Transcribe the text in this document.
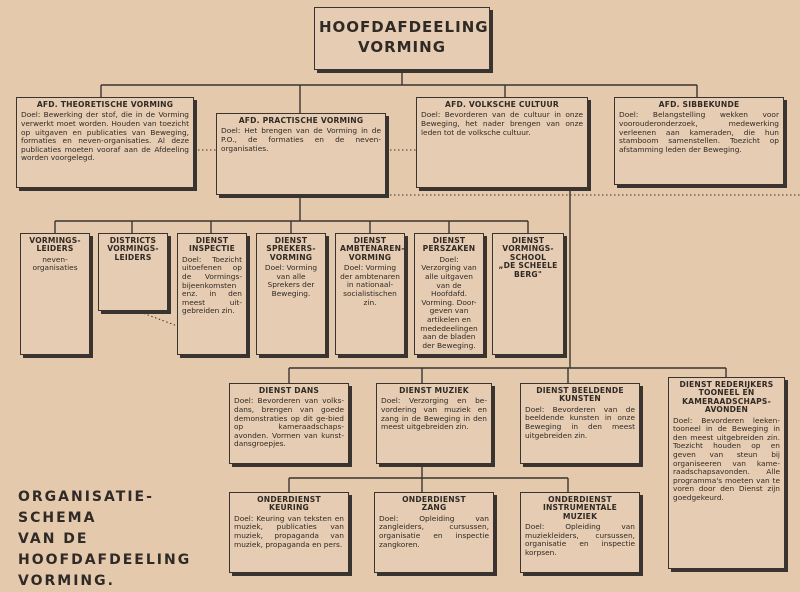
HOOFDAFDEELING
VORMING
AFD. THEORETISCHE VORMING
Doel: Bewerking der stof, die in de Vorming verwerkt moet worden. Houden van toezicht op uitgaven en publicaties van Beweging, formaties en neven-organisaties. Al deze publicaties moeten vooraf aan de Afdeeling worden voorgelegd.
AFD. PRACTISCHE VORMING
Doel: Het brengen van de Vorming in de P.O., de formaties en de neven-organisaties.
AFD. VOLKSCHE CULTUUR
Doel: Bevorderen van de cultuur in onze Beweging, het nader brengen van onze leden tot de volksche cultuur.
AFD. SIBBEKUNDE
Doel: Belangstelling wekken voor voorouderonderzoek, medewerking verleenen aan kameraden, die hun stamboom samenstellen. Toezicht op afstamming leden der Beweging.
VORMINGS-
LEIDERS
neven-
organisaties
DISTRICTS
VORMINGS-
LEIDERS
DIENST
INSPECTIE
Doel: Toezicht uitoefenen op de Vormings-bijeenkomsten enz. in den meest uit-gebreiden zin.
DIENST
SPREKERS-
VORMING
Doel: Vorming van alle Sprekers der Beweging.
DIENST
AMBTENAREN-
VORMING
Doel: Vorming der ambtenaren in nationaal-socialistischen zin.
DIENST
PERSZAKEN
Doel: Verzorging van alle uitgaven van de Hoofdafd. Vorming. Door-geven van artikelen en mededeelingen aan de bladen der Beweging.
DIENST
VORMINGS-
SCHOOL
„DE SCHEELE
BERG"
DIENST DANS
Doel: Bevorderen van volks-dans, brengen van goede demonstraties op dit ge-bied op kameraadschaps-avonden. Vormen van kunst-dansgroepjes.
DIENST MUZIEK
Doel: Verzorging en be-vordering van muziek en zang in de Beweging in den meest uitgebreiden zin.
DIENST BEELDENDE
KUNSTEN
Doel: Bevorderen van de beeldende kunsten in onze Beweging in den meest uitgebreiden zin.
DIENST REDERIJKERS
TOONEEL EN
KAMERAADSCHAPS-
AVONDEN
Doel: Bevorderen leeken-tooneel in de Beweging in den meest uitgebreiden zin. Toezicht houden op en geven van steun bij organiseeren van kame-raadschapsavonden. Alle programma's moeten van te voren door den Dienst zijn goedgekeurd.
ONDERDIENST
KEURING
Doel: Keuring van teksten en muziek, publicaties van muziek, propaganda van muziek, propaganda en pers.
ONDERDIENST
ZANG
Doel: Opleiding van zangleiders, cursussen, organisatie en inspectie zangkoren.
ONDERDIENST
INSTRUMENTALE
MUZIEK
Doel: Opleiding van muziekleiders, cursussen, organisatie en inspectie korpsen.
ORGANISATIE-SCHEMA
VAN DE
HOOFDAFDEELING
VORMING.
